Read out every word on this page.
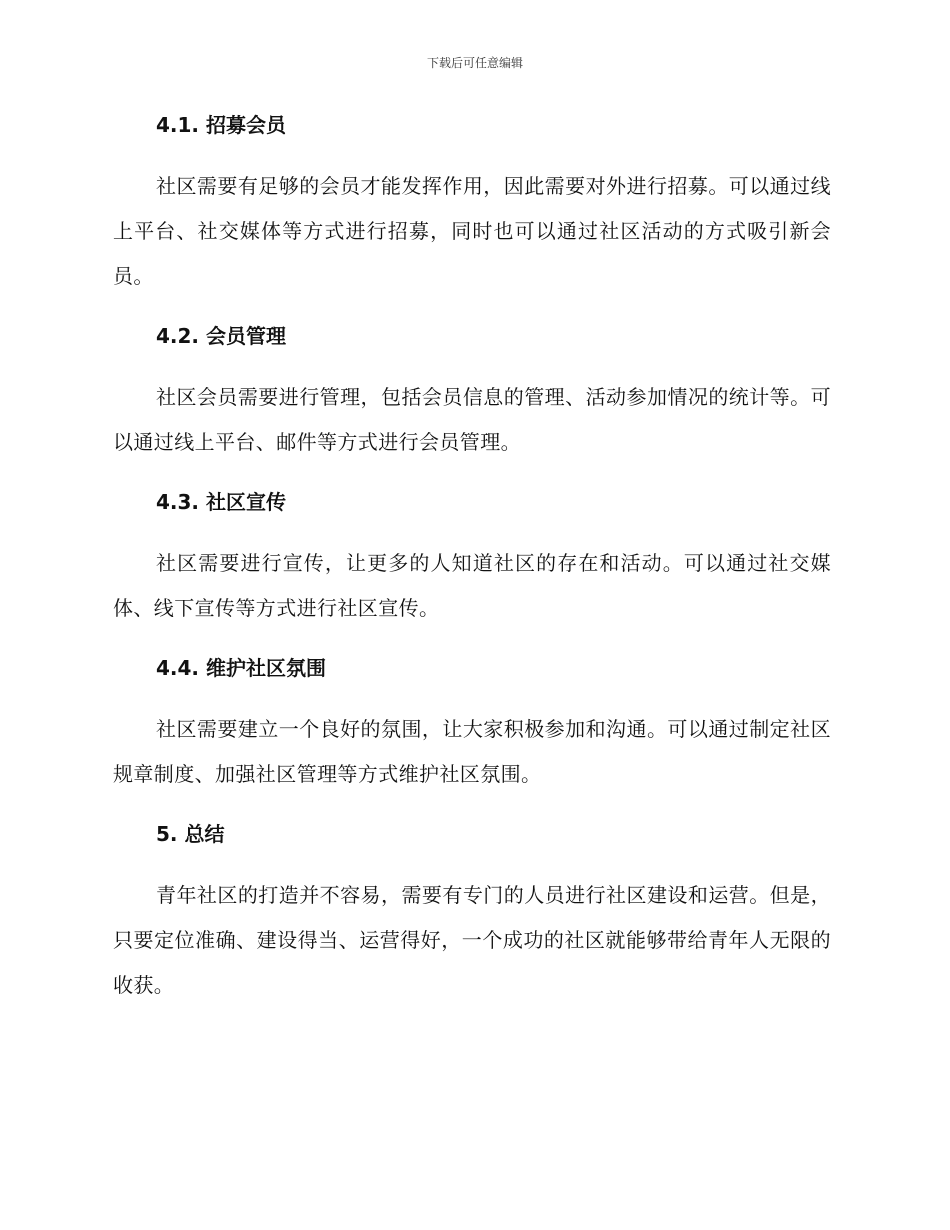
下载后可任意编辑
4.1. 招募会员

社区需要有足够的会员才能发挥作用，因此需要对外进行招募。可以通过线上平台、社交媒体等方式进行招募，同时也可以通过社区活动的方式吸引新会员。

4.2. 会员管理

社区会员需要进行管理，包括会员信息的管理、活动参加情况的统计等。可以通过线上平台、邮件等方式进行会员管理。

4.3. 社区宣传

社区需要进行宣传，让更多的人知道社区的存在和活动。可以通过社交媒体、线下宣传等方式进行社区宣传。

4.4. 维护社区氛围

社区需要建立一个良好的氛围，让大家积极参加和沟通。可以通过制定社区规章制度、加强社区管理等方式维护社区氛围。

5. 总结

青年社区的打造并不容易，需要有专门的人员进行社区建设和运营。但是，只要定位准确、建设得当、运营得好，一个成功的社区就能够带给青年人无限的收获。
